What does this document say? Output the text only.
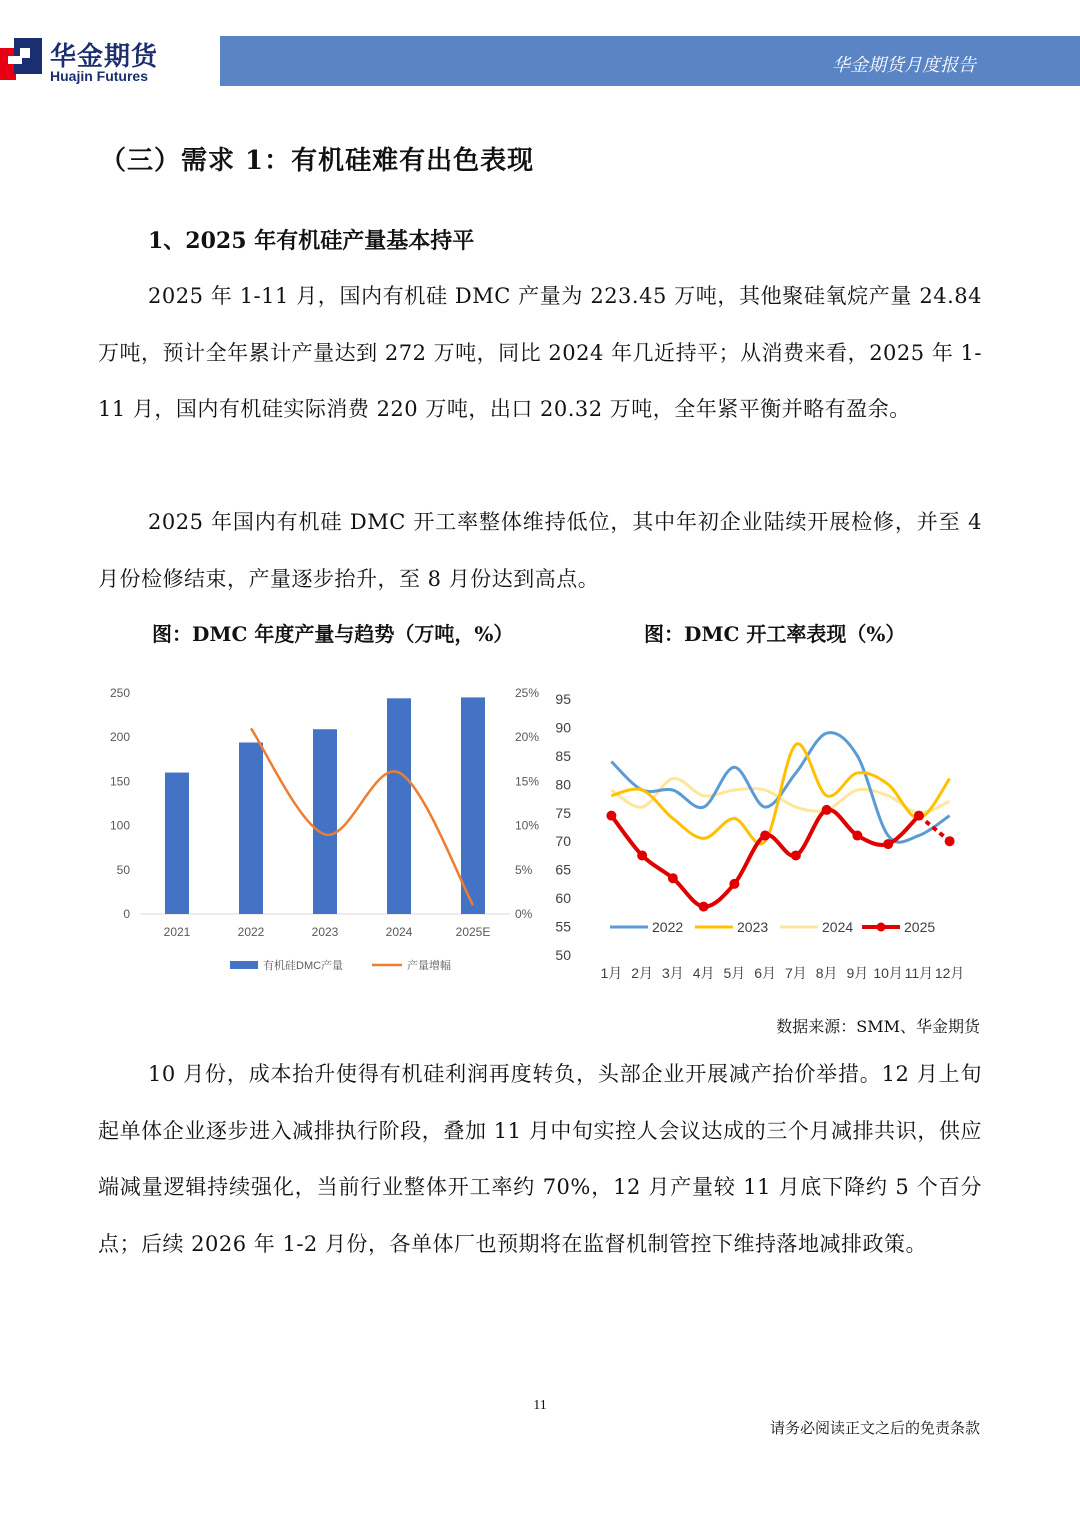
华金期货
Huajin Futures	华金期货月度报告
（三）需求 1：有机硅难有出色表现
1、2025 年有机硅产量基本持平
2025 年 1-11 月，国内有机硅 DMC 产量为 223.45 万吨，其他聚硅氧烷产量 24.84 万吨，预计全年累计产量达到 272 万吨，同比 2024 年几近持平；从消费来看，2025 年 1-11 月，国内有机硅实际消费 220 万吨，出口 20.32 万吨，全年紧平衡并略有盈余。
2025 年国内有机硅 DMC 开工率整体维持低位，其中年初企业陆续开展检修，并至 4 月份检修结束，产量逐步抬升，至 8 月份达到高点。
图：DMC 年度产量与趋势（万吨，%）	图：DMC 开工率表现（%）
250
200
150
100
50
0
25%
20%
15%
10%
5%
0%
2021	2022	2023	2024	2025E
有机硅DMC产量	产量增幅
95
90
85
80
75
70
65
60
55
50
1月 2月 3月 4月 5月 6月 7月 8月 9月 10月 11月 12月
2022	2023	2024	2025
数据来源：SMM、华金期货
10 月份，成本抬升使得有机硅利润再度转负，头部企业开展减产抬价举措。12 月上旬起单体企业逐步进入减排执行阶段，叠加 11 月中旬实控人会议达成的三个月减排共识，供应端减量逻辑持续强化，当前行业整体开工率约 70%，12 月产量较 11 月底下降约 5 个百分点；后续 2026 年 1-2 月份，各单体厂也预期将在监督机制管控下维持落地减排政策。
11
请务必阅读正文之后的免责条款
